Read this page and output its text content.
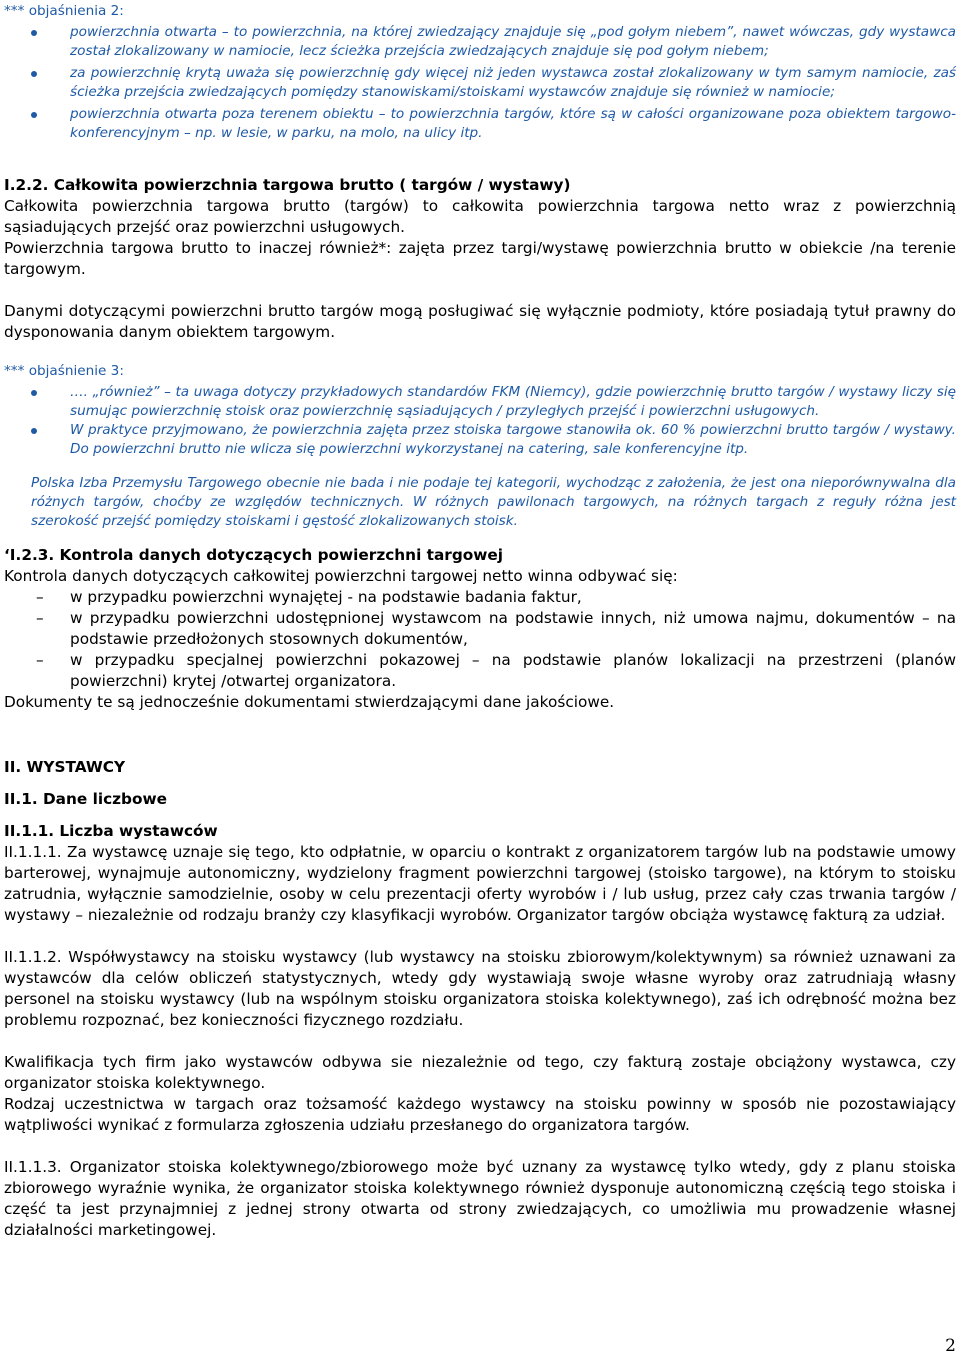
*** objaśnienia 2:

powierzchnia otwarta – to powierzchnia, na której zwiedzający znajduje się „pod gołym niebem”, nawet wówczas, gdy wystawca został zlokalizowany w namiocie, lecz ścieżka przejścia zwiedzających znajduje się pod gołym niebem;
za powierzchnię krytą uważa się powierzchnię gdy więcej niż jeden wystawca został zlokalizowany w tym samym namiocie, zaś ścieżka przejścia zwiedzających pomiędzy stanowiskami/stoiskami wystawców znajduje się również w namiocie;
powierzchnia otwarta poza terenem obiektu – to powierzchnia targów, które są w całości organizowane poza obiektem targowo-konferencyjnym – np. w lesie, w parku, na molo, na ulicy itp.
I.2.2. Całkowita powierzchnia targowa brutto ( targów / wystawy)
Całkowita powierzchnia targowa brutto (targów) to całkowita powierzchnia targowa netto wraz z powierzchnią sąsiadujących przejść oraz powierzchni usługowych.
Powierzchnia targowa brutto to inaczej również*: zajęta przez targi/wystawę powierzchnia brutto w obiekcie /na terenie targowym.
Danymi dotyczącymi powierzchni brutto targów mogą posługiwać się wyłącznie podmioty, które posiadają tytuł prawny do dysponowania danym obiektem targowym.

*** objaśnienie 3:

…. „również” – ta uwaga dotyczy przykładowych standardów FKM (Niemcy), gdzie powierzchnię brutto targów / wystawy liczy się sumując powierzchnię stoisk oraz powierzchnię sąsiadujących / przyległych przejść i powierzchni usługowych.
W praktyce przyjmowano, że powierzchnia zajęta przez stoiska targowe stanowiła ok. 60 % powierzchni brutto targów / wystawy. Do powierzchni brutto nie wlicza się powierzchni wykorzystanej na catering, sale konferencyjne itp.

Polska Izba Przemysłu Targowego obecnie nie bada i nie podaje tej kategorii, wychodząc z założenia, że jest ona nieporównywalna dla różnych targów, choćby ze względów technicznych. W różnych pawilonach targowych, na różnych targach z reguły różna jest szerokość przejść pomiędzy stoiskami i gęstość zlokalizowanych stoisk.

‘I.2.3. Kontrola danych dotyczących powierzchni targowej
Kontrola danych dotyczących całkowitej powierzchni targowej netto winna odbywać się:
– w przypadku powierzchni wynajętej - na podstawie badania faktur,
– w przypadku powierzchni udostępnionej wystawcom na podstawie innych, niż umowa najmu, dokumentów – na podstawie przedłożonych stosownych dokumentów,
– w przypadku specjalnej powierzchni pokazowej – na podstawie planów lokalizacji na przestrzeni (planów powierzchni) krytej /otwartej organizatora.
Dokumenty te są jednocześnie dokumentami stwierdzającymi dane jakościowe.
II. WYSTAWCY
II.1. Dane liczbowe
II.1.1. Liczba wystawców
II.1.1.1. Za wystawcę uznaje się tego, kto odpłatnie, w oparciu o kontrakt z organizatorem targów lub na podstawie umowy barterowej, wynajmuje autonomiczny, wydzielony fragment powierzchni targowej (stoisko targowe), na którym to stoisku zatrudnia, wyłącznie samodzielnie, osoby w celu prezentacji oferty wyrobów i / lub usług, przez cały czas trwania targów / wystawy – niezależnie od rodzaju branży czy klasyfikacji wyrobów. Organizator targów obciąża wystawcę fakturą za udział.
II.1.1.2. Współwystawcy na stoisku wystawcy (lub wystawcy na stoisku zbiorowym/kolektywnym) sa również uznawani za wystawców dla celów obliczeń statystycznych, wtedy gdy wystawiają swoje własne wyroby oraz zatrudniają własny personel na stoisku wystawcy (lub na wspólnym stoisku organizatora stoiska kolektywnego), zaś ich odrębność można bez problemu rozpoznać, bez konieczności fizycznego rozdziału.
Kwalifikacja tych firm jako wystawców odbywa sie niezależnie od tego, czy fakturą zostaje obciążony wystawca, czy organizator stoiska kolektywnego.
Rodzaj uczestnictwa w targach oraz tożsamość każdego wystawcy na stoisku powinny w sposób nie pozostawiający wątpliwości wynikać z formularza zgłoszenia udziału przesłanego do organizatora targów.
II.1.1.3. Organizator stoiska kolektywnego/zbiorowego może być uznany za wystawcę tylko wtedy, gdy z planu stoiska zbiorowego wyraźnie wynika, że organizator stoiska kolektywnego również dysponuje autonomiczną częścią tego stoiska i część ta jest przynajmniej z jednej strony otwarta od strony zwiedzających, co umożliwia mu prowadzenie własnej działalności marketingowej.
2
